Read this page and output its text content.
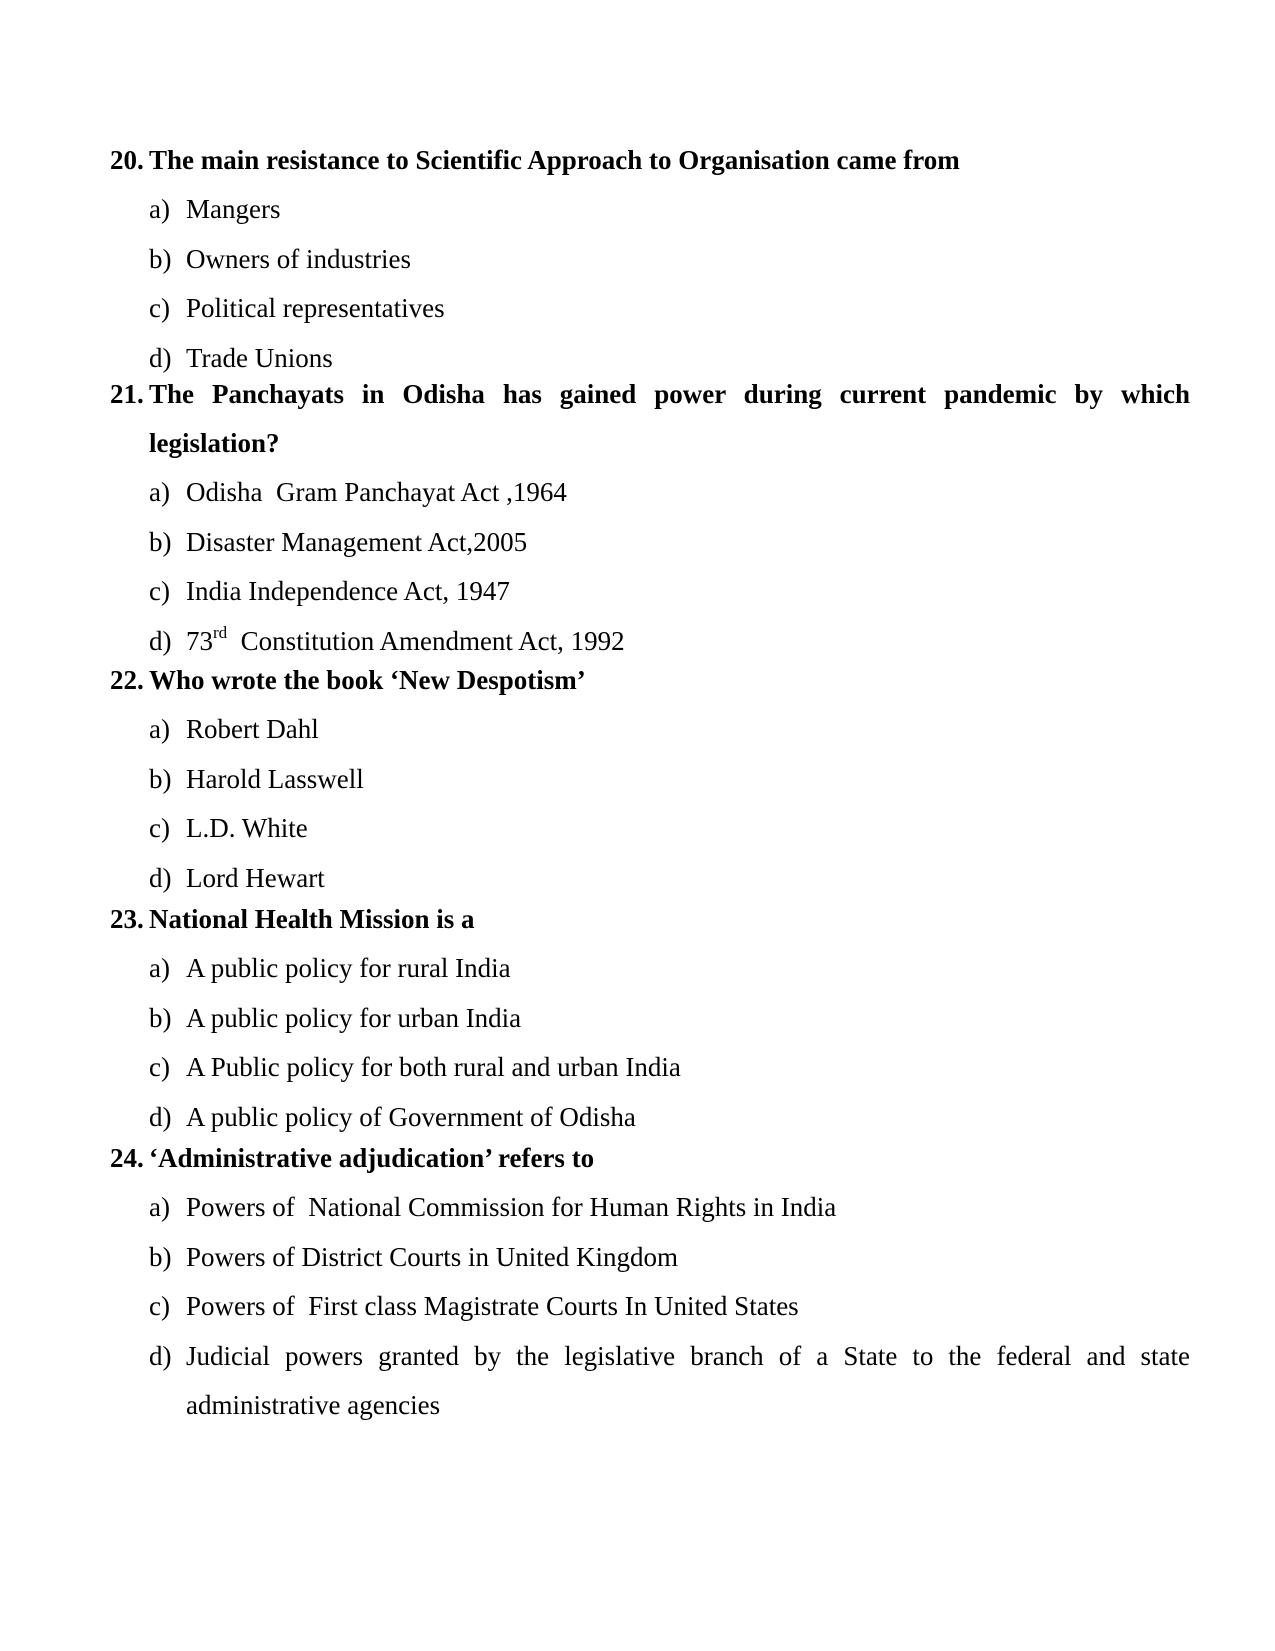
20. The main resistance to Scientific Approach to Organisation came from
a) Mangers
b) Owners of industries
c) Political representatives
d) Trade Unions
21. The Panchayats in Odisha has gained power during current pandemic by which legislation?
a) Odisha  Gram Panchayat Act ,1964
b) Disaster Management Act,2005
c) India Independence Act, 1947
d) 73rd  Constitution Amendment Act, 1992
22. Who wrote the book ‘New Despotism’
a) Robert Dahl
b) Harold Lasswell
c) L.D. White
d) Lord Hewart
23. National Health Mission is a
a) A public policy for rural India
b) A public policy for urban India
c) A Public policy for both rural and urban India
d) A public policy of Government of Odisha
24. ‘Administrative adjudication’ refers to
a) Powers of  National Commission for Human Rights in India
b) Powers of District Courts in United Kingdom
c) Powers of  First class Magistrate Courts In United States
d) Judicial powers granted by the legislative branch of a State to the federal and state administrative agencies
